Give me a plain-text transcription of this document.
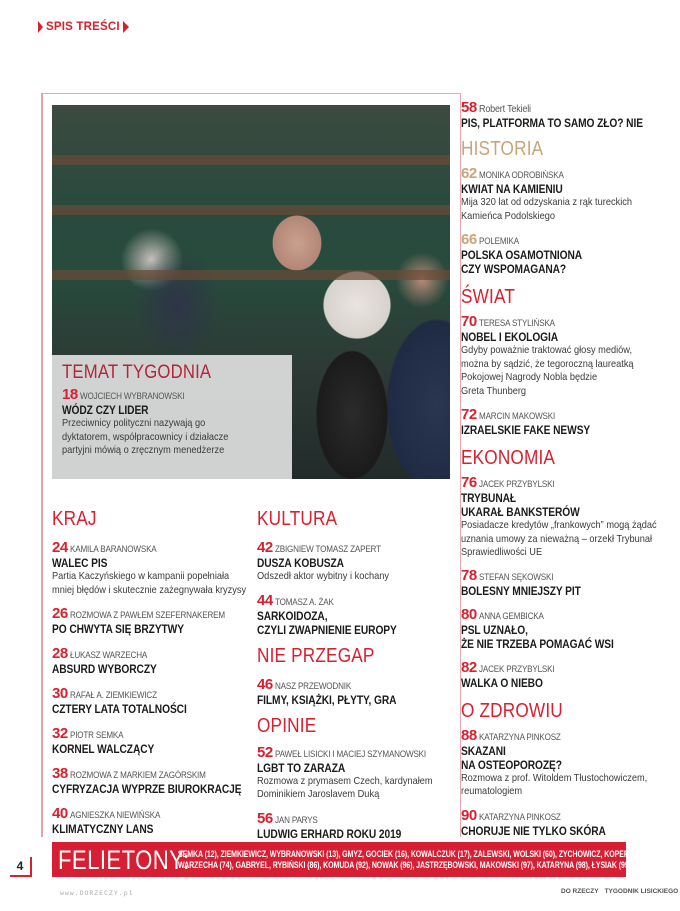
SPIS TREŚCI
TEMAT TYGODNIA
18 WOJCIECH WYBRANOWSKI
WÓDZ CZY LIDER
Przeciwnicy polityczni nazywają go
dyktatorem, współpracownicy i działacze
partyjni mówią o zręcznym menedżerze
KRAJ
24 KAMILA BARANOWSKA
WALEC PIS
Partia Kaczyńskiego w kampanii popełniała
mniej błędów i skutecznie zażegnywała kryzysy
26 ROZMOWA Z PAWŁEM SZEFERNAKEREM
PO CHWYTA SIĘ BRZYTWY
28 ŁUKASZ WARZECHA
ABSURD WYBORCZY
30 RAFAŁ A. ZIEMKIEWICZ
CZTERY LATA TOTALNOŚCI
32 PIOTR SEMKA
KORNEL WALCZĄCY
38 ROZMOWA Z MARKIEM ZAGÓRSKIM
CYFRYZACJA WYPRZE BIUROKRACJĘ
40 AGNIESZKA NIEWIŃSKA
KLIMATYCZNY LANS
KULTURA
42 ZBIGNIEW TOMASZ ZAPERT
DUSZA KOBUSZA
Odszedł aktor wybitny i kochany
44 TOMASZ A. ŻAK
SARKOIDOZA,
CZYLI ZWAPNIENIE EUROPY
NIE PRZEGAP
46 NASZ PRZEWODNIK
FILMY, KSIĄŻKI, PŁYTY, GRA
OPINIE
52 PAWEŁ LISICKI I MACIEJ SZYMANOWSKI
LGBT TO ZARAZA
Rozmowa z prymasem Czech, kardynałem
Dominikiem Jaroslavem Duką
56 JAN PARYS
LUDWIG ERHARD ROKU 2019
58 Robert Tekieli
PIS, PLATFORMA TO SAMO ZŁO? NIE
HISTORIA
62 MONIKA ODROBIŃSKA
KWIAT NA KAMIENIU
Mija 320 lat od odzyskania z rąk tureckich
Kamieńca Podolskiego
66 POLEMIKA
POLSKA OSAMOTNIONA
CZY WSPOMAGANA?
ŚWIAT
70 TERESA STYLIŃSKA
NOBEL I EKOLOGIA
Gdyby poważnie traktować głosy mediów,
można by sądzić, że tegoroczną laureatką
Pokojowej Nagrody Nobla będzie
Greta Thunberg
72 MARCIN MAKOWSKI
IZRAELSKIE FAKE NEWSY
EKONOMIA
76 JACEK PRZYBYLSKI
TRYBUNAŁ
UKARAŁ BANKSTERÓW
Posiadacze kredytów „frankowych” mogą żądać
uznania umowy za nieważną – orzekł Trybunał
Sprawiedliwości UE
78 STEFAN SĘKOWSKI
BOLESNY MNIEJSZY PIT
80 ANNA GEMBICKA
PSL UZNAŁO,
ŻE NIE TRZEBA POMAGAĆ WSI
82 JACEK PRZYBYLSKI
WALKA O NIEBO
O ZDROWIU
88 KATARZYNA PINKOSZ
SKAZANI
NA OSTEOPOROZĘ?
Rozmowa z prof. Witoldem Tłustochowiczem,
reumatologiem
90 KATARZYNA PINKOSZ
CHORUJE NIE TYLKO SKÓRA
FELIETONY:
SEMKA (12), ZIEMKIEWICZ, WYBRANOWSKI (13), GMYZ, GOCIEK (16), KOWALCZUK (17), ZALEWSKI, WOLSKI (60), ZYCHOWICZ, KOPER (68),
WARZECHA (74), GABRYEL, RYBIŃSKI (86), KOMUDA (92), NOWAK (96), JASTRZĘBOWSKI, MAKOWSKI (97), KATARYNA (98), ŁYSIAK (99)
4
www.DORZECZY.pl	DO RZECZY TYGODNIK LISICKIEGO
